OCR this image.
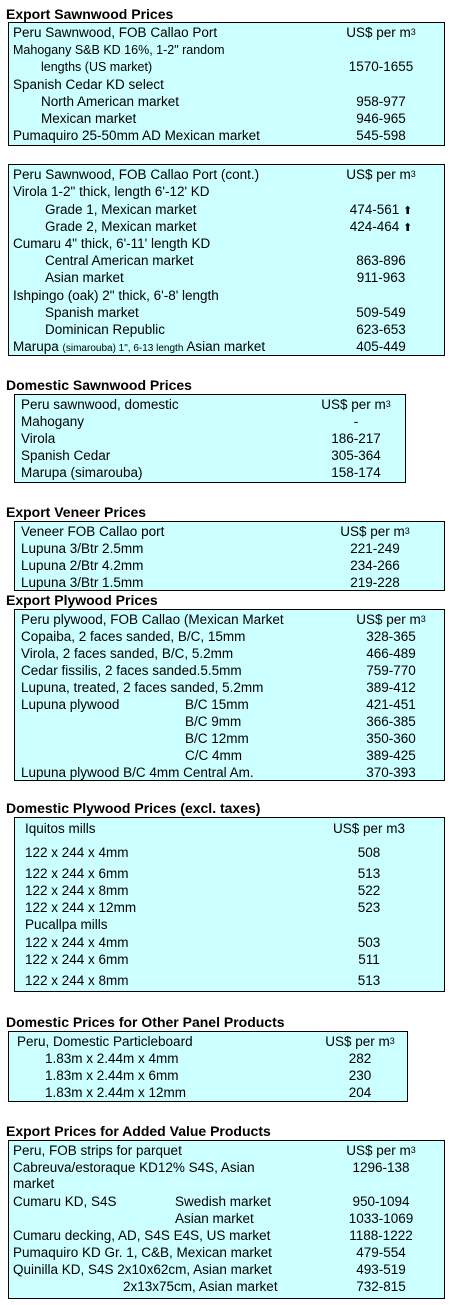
Export Sawnwood Prices
Peru Sawnwood, FOB Callao Port	US$ per $m^3$
Mahogany S&B KD 16%, 1-2" random
lengths (US market)	1570-1655
Spanish Cedar KD select
North American market	958-977
Mexican market	946-965
Pumaquiro 25-50mm AD Mexican market	545-598
Peru Sawnwood, FOB Callao Port (cont.)	US$ per $m^3$
Virola 1-2" thick, length 6'-12' KD
Grade 1, Mexican market	474-561 ⬆
Grade 2, Mexican market	424-464 ⬆
Cumaru 4" thick, 6'-11' length KD
Central American market	863-896
Asian market	911-963
Ishpingo (oak) 2" thick, 6'-8' length
Spanish market	509-549
Dominican Republic	623-653
Marupa (simarouba) 1", 6-13 length Asian market	405-449
Domestic Sawnwood Prices
Peru sawnwood, domestic	US$ per $m^3$
Mahogany	-
Virola	186-217
Spanish Cedar	305-364
Marupa (simarouba)	158-174
Export Veneer Prices
Veneer FOB Callao port	US$ per $m^3$
Lupuna 3/Btr 2.5mm	221-249
Lupuna 2/Btr 4.2mm	234-266
Lupuna 3/Btr 1.5mm	219-228
Export Plywood Prices
Peru plywood, FOB Callao (Mexican Market	US$ per $m^3$
Copaiba, 2 faces sanded, B/C, 15mm	328-365
Virola, 2 faces sanded, B/C, 5.2mm	466-489
Cedar fissilis, 2 faces sanded.5.5mm	759-770
Lupuna, treated, 2 faces sanded, 5.2mm	389-412
Lupuna plywood	B/C 15mm	421-451
B/C 9mm	366-385
B/C 12mm	350-360
C/C 4mm	389-425
Lupuna plywood B/C 4mm Central Am.	370-393
Domestic Plywood Prices (excl. taxes)
Iquitos mills	US$ per m3
122 x 244 x 4mm	508
122 x 244 x 6mm	513
122 x 244 x 8mm	522
122 x 244 x 12mm	523
Pucallpa mills
122 x 244 x 4mm	503
122 x 244 x 6mm	511
122 x 244 x 8mm	513
Domestic Prices for Other Panel Products
Peru, Domestic Particleboard	US$ per $m^3$
1.83m x 2.44m x 4mm	282
1.83m x 2.44m x 6mm	230
1.83m x 2.44m x 12mm	204
Export Prices for Added Value Products
Peru, FOB strips for parquet	US$ per $m^3$
Cabreuva/estoraque KD12% S4S, Asian	1296-138
market
Cumaru KD, S4S	Swedish market	950-1094
Asian market	1033-1069
Cumaru decking, AD, S4S E4S, US market	1188-1222
Pumaquiro KD Gr. 1, C&B, Mexican market	479-554
Quinilla KD, S4S 2x10x62cm, Asian market	493-519
2x13x75cm, Asian market	732-815
